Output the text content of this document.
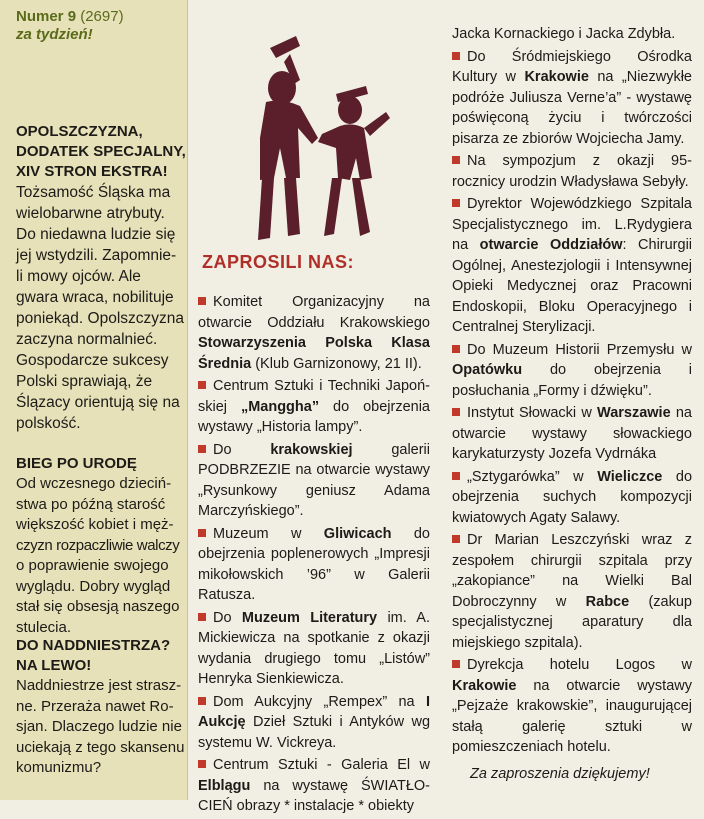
Numer 9 (2697)
za tydzień!

OPOLSZCZYZNA,
DODATEK SPECJALNY,
XIV STRON EKSTRA!

Tożsamość Śląska ma
wielobarwne atrybuty.
Do niedawna ludzie się
jej wstydzili. Zapomnie-
li mowy ojców. Ale
gwara wraca, nobilituje
poniekąd. Opolszczyzna
zaczyna normalnieć.
Gospodarcze sukcesy
Polski sprawiają, że
Ślązacy orientują się na
polskość.

BIEG PO URODĘ

Od wczesnego dzieciń-
stwa po późną starość
większość kobiet i męż-
czyzn rozpaczliwie walczy
o poprawienie swojego
wyglądu. Dobry wygląd
stał się obsesją naszego
stulecia.

DO NADDNIESTRZA?
NA LEWO!

Naddniestrze jest strasz-
ne. Przeraża nawet Ro-
sjan. Dlaczego ludzie nie
uciekają z tego skansenu
komunizmu?

ZAPROSILI NAS:

Komitet Organizacyjny na otwarcie Oddziału Krakowskiego Stowarzyszenia Polska Klasa Średnia (Klub Garnizonowy, 21 II).

Centrum Sztuki i Techniki Japoń- skiej „Manggha” do obejrzenia wystawy „Historia lampy”.

Do	krakowskiej	galerii PODBRZEZIE na otwarcie wystawy „Rysunkowy geniusz Adama Marczyńskiego”.

Muzeum w Gliwicach do obejrzenia poplenerowych „Impresji mikołowskich ’96” w Galerii Ratusza.

Do Muzeum Literatury im. A. Mickiewicza na spotkanie z okazji wydania drugiego tomu „Listów” Henryka Sienkiewicza.

Dom Aukcyjny „Rempex” na I Aukcję Dzieł Sztuki i Antyków wg systemu W. Vickreya.

Centrum Sztuki - Galeria El w Elblągu na wystawę ŚWIATŁO-CIEŃ obrazy * instalacje * obiekty

Jacka Kornackiego i Jacka Zdybła.

Do Śródmiejskiego Ośrodka Kultury w Krakowie na „Niezwykłe podróże Juliusza Verne’a” - wystawę poświęconą życiu i twórczości pisarza ze zbiorów Wojciecha Jamy.

Na sympozjum z okazji 95-rocznicy urodzin Władysława Sebyły.

Dyrektor Wojewódzkiego Szpitala Specjalistycznego im. L.Rydygiera na otwarcie Oddziałów: Chirurgii Ogólnej, Anestezjologii i Intensywnej Opieki Medycznej oraz Pracowni Endoskopii, Bloku Operacyjnego i Centralnej Sterylizacji.

Do Muzeum Historii Przemysłu w Opatówku do obejrzenia i posłuchania „Formy i dźwięku”.

Instytut Słowacki w Warszawie na otwarcie wystawy słowackiego karykaturzysty Jozefa Vydrnáka

„Sztygarówka” w Wieliczce do obejrzenia suchych kompozycji kwiatowych Agaty Salawy.

Dr Marian Leszczyński wraz z zespołem chirurgii szpitala przy „zakopiance” na Wielki Bal Dobroczynny w Rabce (zakup specjalistycznej aparatury dla miejskiego szpitala).

Dyrekcja hotelu Logos w Krakowie na otwarcie wystawy „Pejzaże krakowskie”, inaugurującej stałą galerię sztuki w pomieszczeniach hotelu.

Za zaproszenia dziękujemy!
